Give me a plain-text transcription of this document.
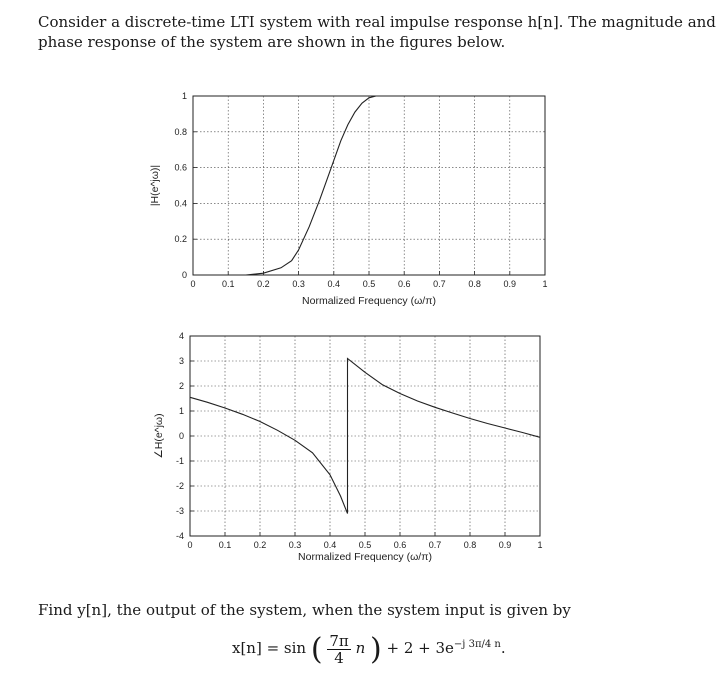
Consider a discrete-time LTI system with real impulse response h[n]. The magnitude and phase response of the system are shown in the figures below.
0	0.1	0.2	0.3	0.4	0.5	0.6	0.7	0.8	0.9	1
0
0.2
0.4
0.6
0.8
1
Normalized Frequency (ω/π)
|H(e^jω)|
0	0.1 0.2 0.3 0.4 0.5 0.6 0.7 0.8 0.9	1
-4
-3
-2
-1
0
1
2
3
4
Normalized Frequency (ω/π)
∠H(e^jω)
Find y[n], the output of the system, when the system input is given by
x[n] = sin ( $\frac{7\pi}{4}$ n ) + $2 + 3e^{-j 3\pi/4 n}$.
